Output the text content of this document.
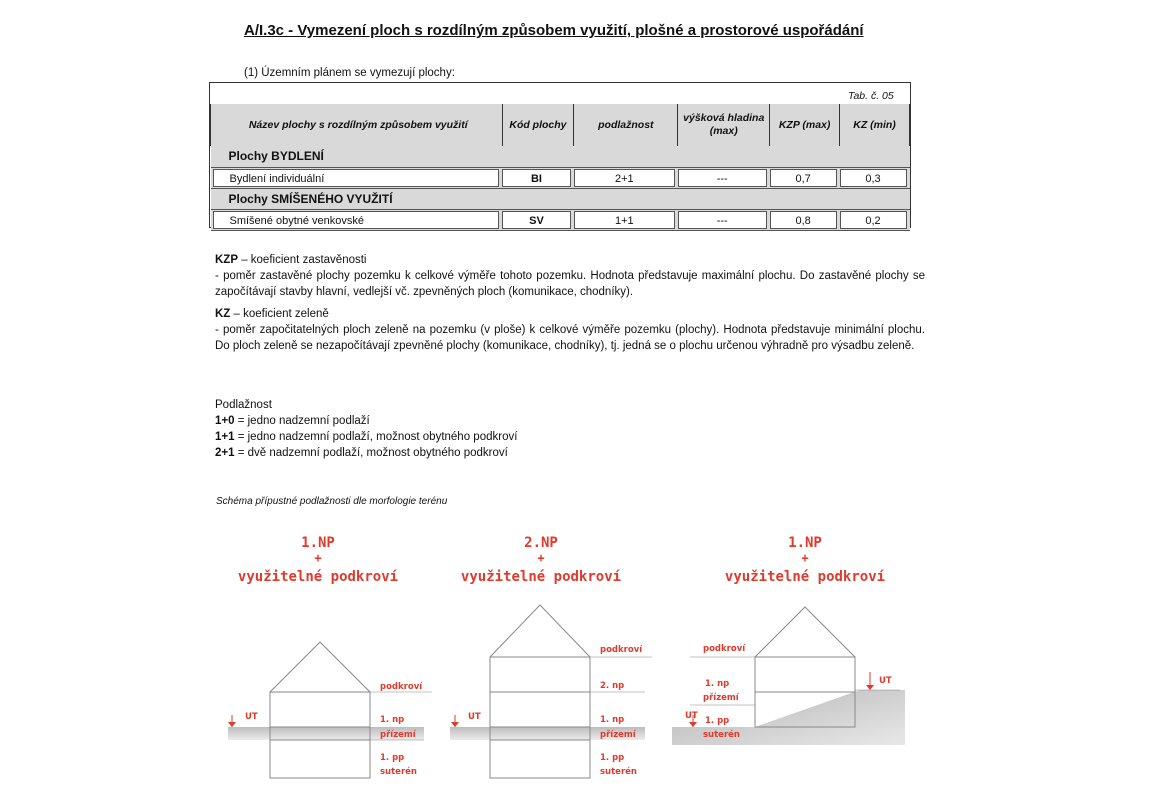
A/I.3c - Vymezení ploch s rozdílným způsobem využití, plošné a prostorové uspořádání
(1) Územním plánem se vymezují plochy:
Tab. č. 05
Název plochy s rozdílným způsobem využití	Kód plochy	podlažnost	výšková hladina (max)	KZP (max)	KZ (min)
Plochy BYDLENÍ					

Bydlení individuální	BI	2+1	---	0,7	0,3

Plochy SMÍŠENÉHO VYUŽITÍ					

Smíšené obytné venkovské	SV	1+1	---	0,8	0,2
KZP – koeficient zastavěnosti
- poměr zastavěné plochy pozemku k celkové výměře tohoto pozemku. Hodnota představuje maximální plochu. Do zastavěné plochy se započítávají stavby hlavní, vedlejší vč. zpevněných ploch (komunikace, chodníky).
KZ – koeficient zeleně
- poměr započitatelných ploch zeleně na pozemku (v ploše) k celkové výměře pozemku (plochy). Hodnota představuje minimální plochu. Do ploch zeleně se nezapočítávají zpevněné plochy (komunikace, chodníky), tj. jedná se o plochu určenou výhradně pro výsadbu zeleně.
Podlažnost
1+0 = jedno nadzemní podlaží
1+1 = jedno nadzemní podlaží, možnost obytného podkroví
2+1 = dvě nadzemní podlaží, možnost obytného podkroví
Schéma přípustné podlažnosti dle morfologie terénu
1.NP
+
využitelné podkroví
UT
podkroví
1. np
přízemí
1. pp
suterén
2.NP
+
využitelné podkroví
UT
podkroví
2. np
1. np
přízemí
1. pp
suterén
1.NP
+
využitelné podkroví
podkroví
1. np
přízemí
1. pp
suterén
UT
UT
